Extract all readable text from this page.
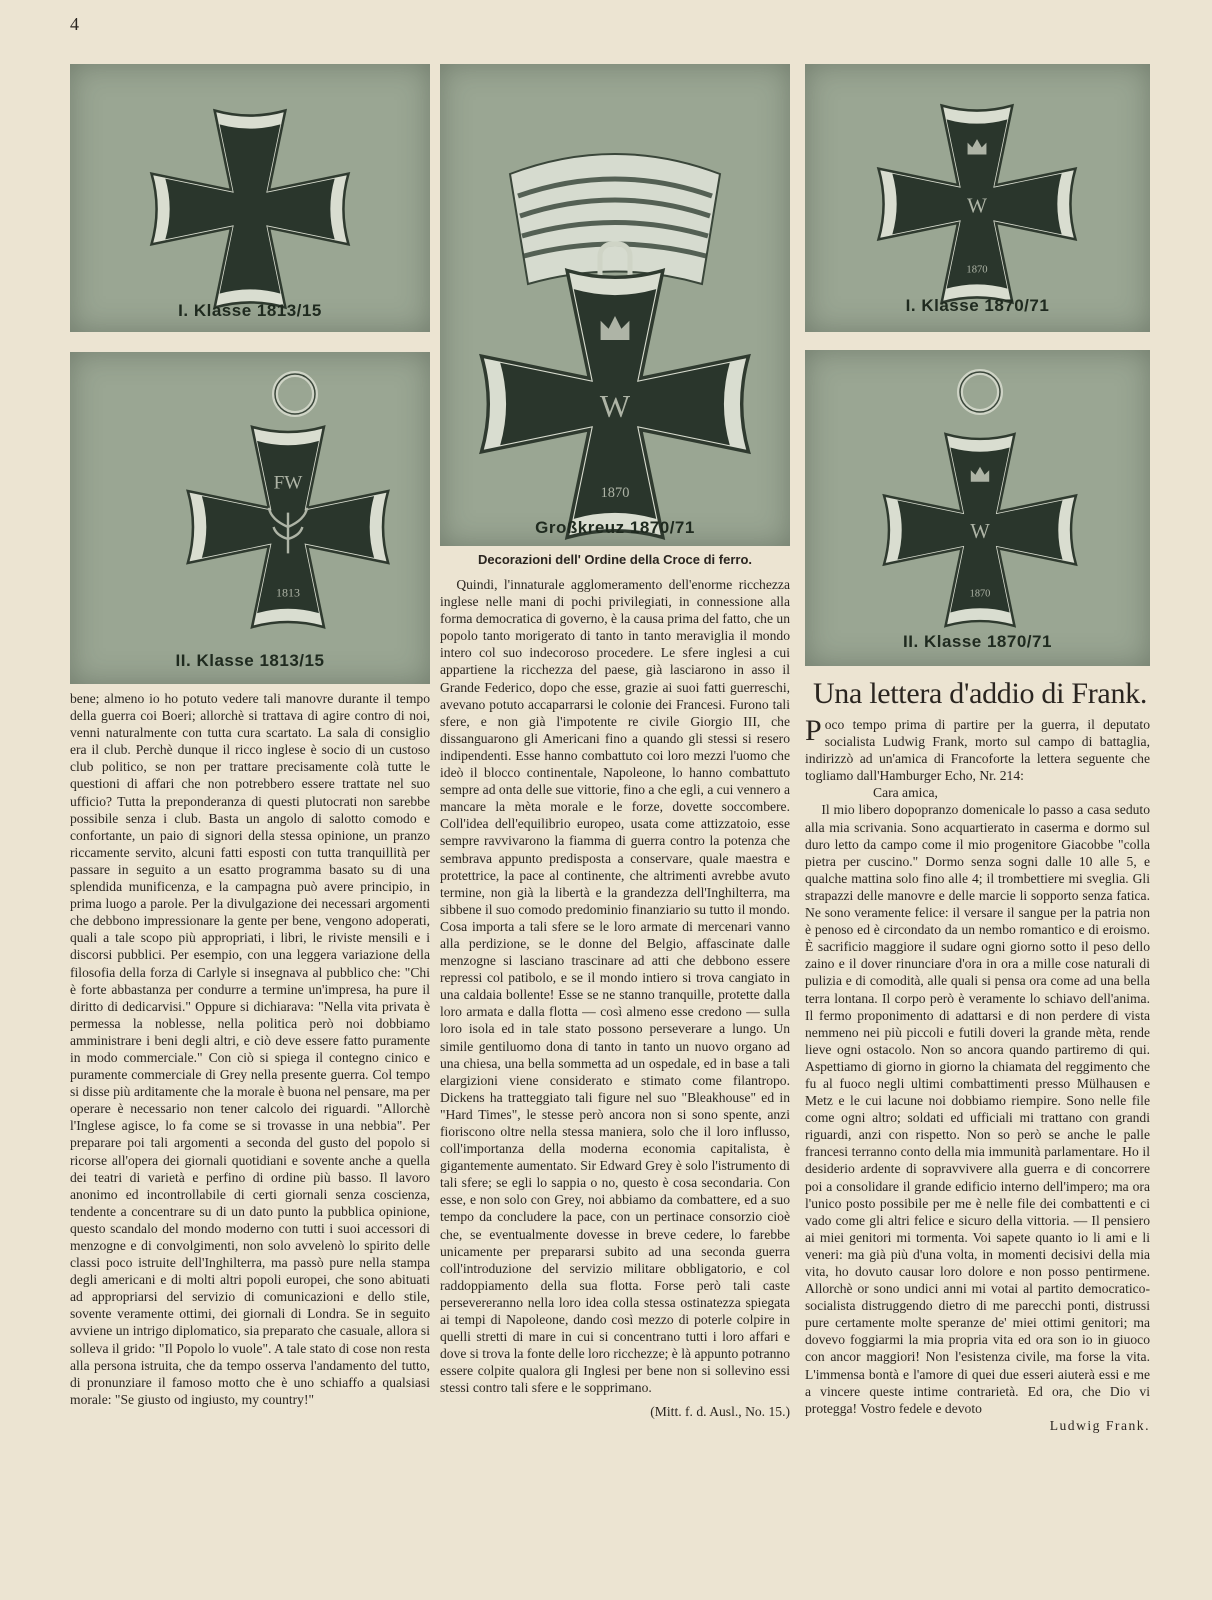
4
I. Klasse 1813/15
FW
1813
II. Klasse 1813/15
W
1870
Großkreuz 1870/71
Decorazioni dell' Ordine della Croce di ferro.
W
1870
I. Klasse 1870/71
W
1870
II. Klasse 1870/71

bene; almeno io ho potuto vedere tali manovre durante il tempo della guerra coi Boeri; allorchè si trattava di agire contro di noi, venni naturalmente con tutta cura scartato. La sala di consiglio era il club. Perchè dunque il ricco inglese è socio di un custoso club politico, se non per trattare precisamente colà tutte le questioni di affari che non potrebbero essere trattate nel suo ufficio? Tutta la preponderanza di questi plutocrati non sarebbe possibile senza i club. Basta un angolo di salotto comodo e confortante, un paio di signori della stessa opinione, un pranzo riccamente servito, alcuni fatti esposti con tutta tranquillità per passare in seguito a un esatto programma basato su di una splendida munificenza, e la campagna può avere principio, in prima luogo a parole. Per la divulgazione dei necessari argomenti che debbono impressionare la gente per bene, vengono adoperati, quali a tale scopo più appropriati, i libri, le riviste mensili e i discorsi pubblici. Per esempio, con una leggera variazione della filosofia della forza di Carlyle si insegnava al pubblico che: "Chi è forte abbastanza per condurre a termine un'impresa, ha pure il diritto di dedicarvisi." Oppure si dichiarava: "Nella vita privata è permessa la noblesse, nella politica però noi dobbiamo amministrare i beni degli altri, e ciò deve essere fatto puramente in modo commerciale." Con ciò si spiega il contegno cinico e puramente commerciale di Grey nella presente guerra. Col tempo si disse più arditamente che la morale è buona nel pensare, ma per operare è necessario non tener calcolo dei riguardi. "Allorchè l'Inglese agisce, lo fa come se si trovasse in una nebbia". Per preparare poi tali argomenti a seconda del gusto del popolo si ricorse all'opera dei giornali quotidiani e sovente anche a quella dei teatri di varietà e perfino di ordine più basso. Il lavoro anonimo ed incontrollabile di certi giornali senza coscienza, tendente a concentrare su di un dato punto la pubblica opinione, questo scandalo del mondo moderno con tutti i suoi accessori di menzogne e di convolgimenti, non solo avvelenò lo spirito delle classi poco istruite dell'Inghilterra, ma passò pure nella stampa degli americani e di molti altri popoli europei, che sono abituati ad appropriarsi del servizio di comunicazioni e dello stile, sovente veramente ottimi, dei giornali di Londra. Se in seguito avviene un intrigo diplomatico, sia preparato che casuale, allora si solleva il grido: "Il Popolo lo vuole". A tale stato di cose non resta alla persona istruita, che da tempo osserva l'andamento del tutto, di pronunziare il famoso motto che è uno schiaffo a qualsiasi morale: "Se giusto od ingiusto, my country!"

Quindi, l'innaturale agglomeramento dell'enorme ricchezza inglese nelle mani di pochi privilegiati, in connessione alla forma democratica di governo, è la causa prima del fatto, che un popolo tanto morigerato di tanto in tanto meraviglia il mondo intero col suo indecoroso procedere. Le sfere inglesi a cui appartiene la ricchezza del paese, già lasciarono in asso il Grande Federico, dopo che esse, grazie ai suoi fatti guerreschi, avevano potuto accaparrarsi le colonie dei Francesi. Furono tali sfere, e non già l'impotente re civile Giorgio III, che dissanguarono gli Americani fino a quando gli stessi si resero indipendenti. Esse hanno combattuto coi loro mezzi l'uomo che ideò il blocco continentale, Napoleone, lo hanno combattuto sempre ad onta delle sue vittorie, fino a che egli, a cui vennero a mancare la mèta morale e le forze, dovette soccombere. Coll'idea dell'equilibrio europeo, usata come attizzatoio, esse sempre ravvivarono la fiamma di guerra contro la potenza che sembrava appunto predisposta a conservare, quale maestra e protettrice, la pace al continente, che altrimenti avrebbe avuto termine, non già la libertà e la grandezza dell'Inghilterra, ma sibbene il suo comodo predominio finanziario su tutto il mondo. Cosa importa a tali sfere se le loro armate di mercenari vanno alla perdizione, se le donne del Belgio, affascinate dalle menzogne si lasciano trascinare ad atti che debbono essere repressi col patibolo, e se il mondo intiero si trova cangiato in una caldaia bollente! Esse se ne stanno tranquille, protette dalla loro armata e dalla flotta — così almeno esse credono — sulla loro isola ed in tale stato possono perseverare a lungo. Un simile gentiluomo dona di tanto in tanto un nuovo organo ad una chiesa, una bella sommetta ad un ospedale, ed in base a tali elargizioni viene considerato e stimato come filantropo. Dickens ha tratteggiato tali figure nel suo "Bleakhouse" ed in "Hard Times", le stesse però ancora non si sono spente, anzi fioriscono oltre nella stessa maniera, solo che il loro influsso, coll'importanza della moderna economia capitalista, è gigantemente aumentato. Sir Edward Grey è solo l'istrumento di tali sfere; se egli lo sappia o no, questo è cosa secondaria. Con esse, e non solo con Grey, noi abbiamo da combattere, ed a suo tempo da concludere la pace, con un pertinace consorzio cioè che, se eventualmente dovesse in breve cedere, lo farebbe unicamente per prepararsi subito ad una seconda guerra coll'introduzione del servizio militare obbligatorio, e col raddoppiamento della sua flotta. Forse però tali caste persevereranno nella loro idea colla stessa ostinatezza spiegata ai tempi di Napoleone, dando così mezzo di poterle colpire in quelli stretti di mare in cui si concentrano tutti i loro affari e dove si trova la fonte delle loro ricchezze; è là appunto potranno essere colpite qualora gli Inglesi per bene non si sollevino essi stessi contro tali sfere e le sopprimano.

(Mitt. f. d. Ausl., No. 15.)

Una lettera d'addio di Frank.

Poco tempo prima di partire per la guerra, il deputato socialista Ludwig Frank, morto sul campo di battaglia, indirizzò ad un'amica di Francoforte la lettera seguente che togliamo dall'Hamburger Echo, Nr. 214:

Cara amica,

Il mio libero dopopranzo domenicale lo passo a casa seduto alla mia scrivania. Sono acquartierato in caserma e dormo sul duro letto da campo come il mio progenitore Giacobbe "colla pietra per cuscino." Dormo senza sogni dalle 10 alle 5, e qualche mattina solo fino alle 4; il trombettiere mi sveglia. Gli strapazzi delle manovre e delle marcie li sopporto senza fatica. Ne sono veramente felice: il versare il sangue per la patria non è penoso ed è circondato da un nembo romantico e di eroismo. È sacrificio maggiore il sudare ogni giorno sotto il peso dello zaino e il dover rinunciare d'ora in ora a mille cose naturali di pulizia e di comodità, alle quali si pensa ora come ad una bella terra lontana. Il corpo però è veramente lo schiavo dell'anima. Il fermo proponimento di adattarsi e di non perdere di vista nemmeno nei più piccoli e futili doveri la grande mèta, rende lieve ogni ostacolo. Non so ancora quando partiremo di qui. Aspettiamo di giorno in giorno la chiamata del reggimento che fu al fuoco negli ultimi combattimenti presso Mülhausen e Metz e le cui lacune noi dobbiamo riempire. Sono nelle file come ogni altro; soldati ed ufficiali mi trattano con grandi riguardi, anzi con rispetto. Non so però se anche le palle francesi terranno conto della mia immunità parlamentare. Ho il desiderio ardente di sopravvivere alla guerra e di concorrere poi a consolidare il grande edificio interno dell'impero; ma ora l'unico posto possibile per me è nelle file dei combattenti e ci vado come gli altri felice e sicuro della vittoria. — Il pensiero ai miei genitori mi tormenta. Voi sapete quanto io li ami e li veneri: ma già più d'una volta, in momenti decisivi della mia vita, ho dovuto causar loro dolore e non posso pentirmene. Allorchè or sono undici anni mi votai al partito democratico-socialista distruggendo dietro di me parecchi ponti, distrussi pure certamente molte speranze de' miei ottimi genitori; ma dovevo foggiarmi la mia propria vita ed ora son io in giuoco con ancor maggiori! Non l'esistenza civile, ma forse la vita. L'immensa bontà e l'amore di quei due esseri aiuterà essi e me a vincere queste intime contrarietà. Ed ora, che Dio vi protegga! Vostro fedele e devoto

Ludwig Frank.
